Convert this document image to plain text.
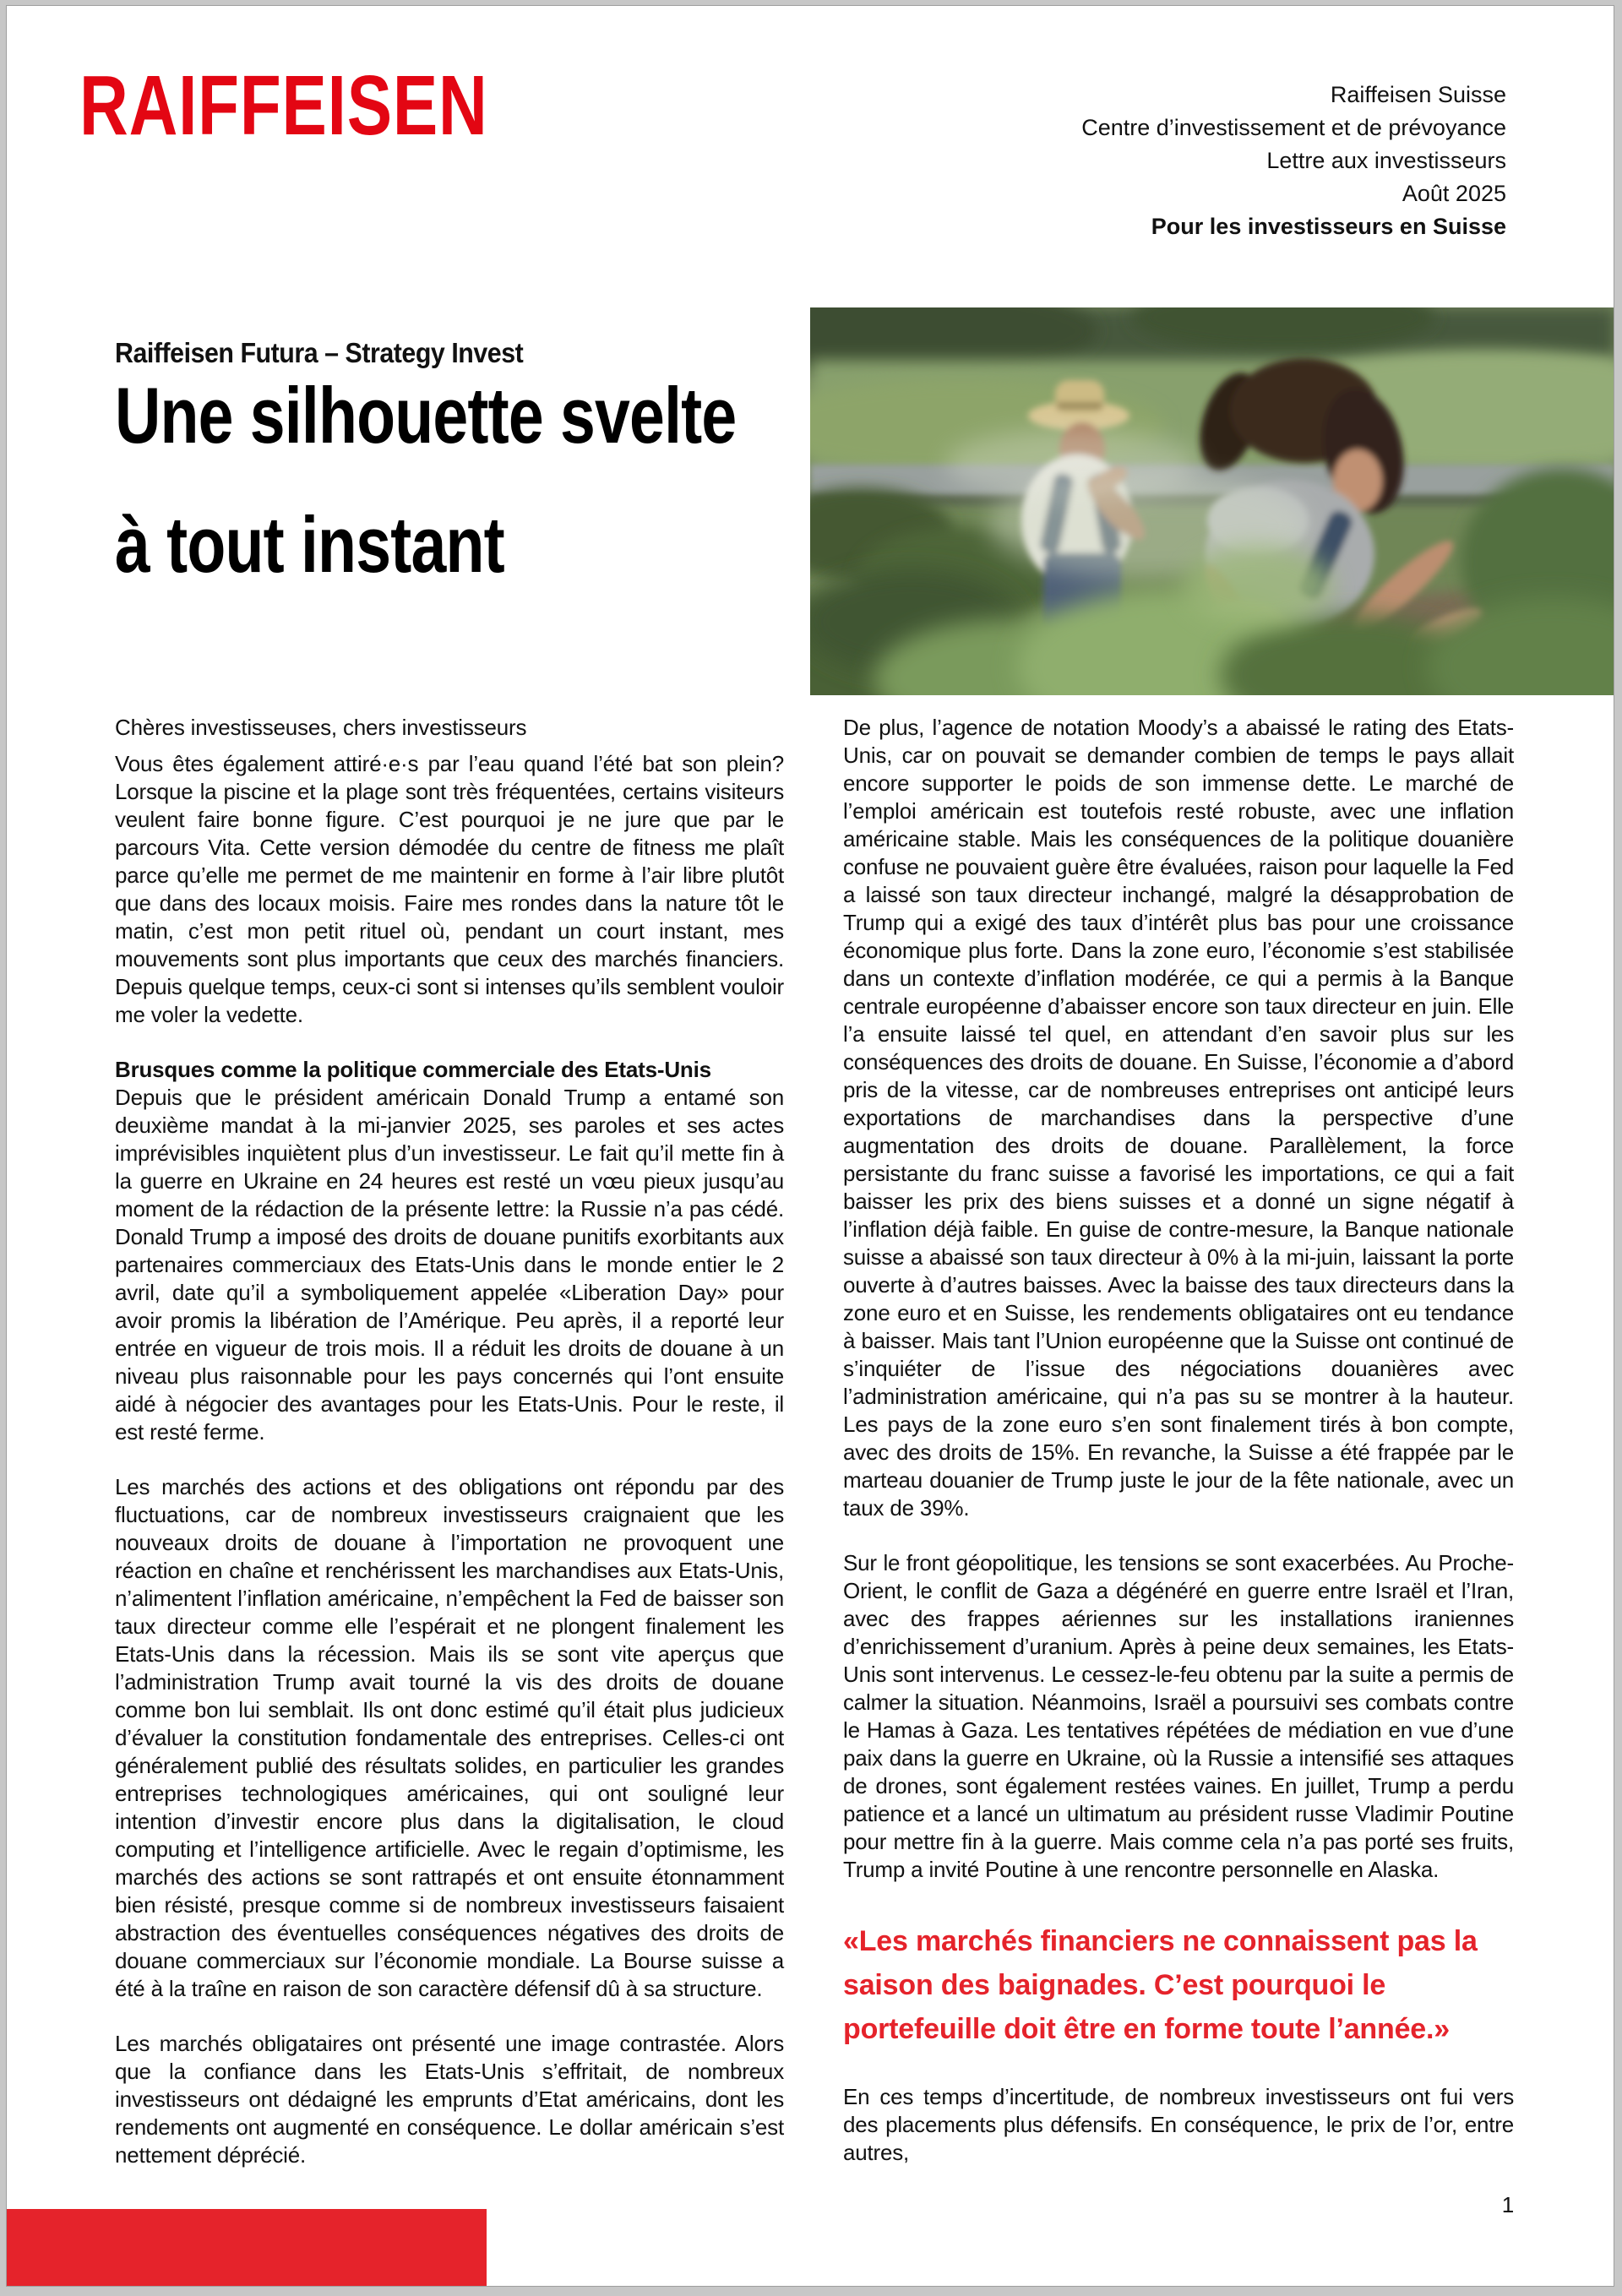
RAIFFEISEN	Raiffeisen Suisse
Centre d’investissement et de prévoyance
Lettre aux investisseurs
Août 2025
Pour les investisseurs en Suisse
Raiffeisen Futura – Strategy Invest
Une silhouette svelte
à tout instant

Chères investisseuses, chers investisseurs

Vous êtes également attiré·e·s par l’eau quand l’été bat son plein? Lorsque la piscine et la plage sont très fréquentées, certains visiteurs veulent faire bonne figure. C’est pourquoi je ne jure que par le parcours Vita. Cette version démodée du centre de fitness me plaît parce qu’elle me permet de me maintenir en forme à l’air libre plutôt que dans des locaux moisis. Faire mes rondes dans la nature tôt le matin, c’est mon petit rituel où, pendant un court instant, mes mouvements sont plus importants que ceux des marchés financiers. Depuis quelque temps, ceux-ci sont si intenses qu’ils semblent vouloir me voler la vedette.

Brusques comme la politique commerciale des Etats-Unis

Depuis que le président américain Donald Trump a entamé son deuxième mandat à la mi-janvier 2025, ses paroles et ses actes imprévisibles inquiètent plus d’un investisseur. Le fait qu’il mette fin à la guerre en Ukraine en 24 heures est resté un vœu pieux jusqu’au moment de la rédaction de la présente lettre: la Russie n’a pas cédé. Donald Trump a imposé des droits de douane punitifs exorbitants aux partenaires commerciaux des Etats-Unis dans le monde entier le 2 avril, date qu’il a symboliquement appelée «Liberation Day» pour avoir promis la libération de l’Amérique. Peu après, il a reporté leur entrée en vigueur de trois mois. Il a réduit les droits de douane à un niveau plus raisonnable pour les pays concernés qui l’ont ensuite aidé à négocier des avantages pour les Etats-Unis. Pour le reste, il est resté ferme.

Les marchés des actions et des obligations ont répondu par des fluctuations, car de nombreux investisseurs craignaient que les nouveaux droits de douane à l’importation ne provoquent une réaction en chaîne et renchérissent les marchandises aux Etats-Unis, n’alimentent l’inflation américaine, n’empêchent la Fed de baisser son taux directeur comme elle l’espérait et ne plongent finalement les Etats-Unis dans la récession. Mais ils se sont vite aperçus que l’administration Trump avait tourné la vis des droits de douane comme bon lui semblait. Ils ont donc estimé qu’il était plus judicieux d’évaluer la constitution fondamentale des entreprises. Celles-ci ont généralement publié des résultats solides, en particulier les grandes entreprises technologiques américaines, qui ont souligné leur intention d’investir encore plus dans la digitalisation, le cloud computing et l’intelligence artificielle. Avec le regain d’optimisme, les marchés des actions se sont rattrapés et ont ensuite étonnamment bien résisté, presque comme si de nombreux investisseurs faisaient abstraction des éventuelles conséquences négatives des droits de douane commerciaux sur l’économie mondiale. La Bourse suisse a été à la traîne en raison de son caractère défensif dû à sa structure.

Les marchés obligataires ont présenté une image contrastée. Alors que la confiance dans les Etats-Unis s’effritait, de nombreux investisseurs ont dédaigné les emprunts d’Etat américains, dont les rendements ont augmenté en conséquence. Le dollar américain s’est nettement déprécié.

De plus, l’agence de notation Moody’s a abaissé le rating des Etats-Unis, car on pouvait se demander combien de temps le pays allait encore supporter le poids de son immense dette. Le marché de l’emploi américain est toutefois resté robuste, avec une inflation américaine stable. Mais les conséquences de la politique douanière confuse ne pouvaient guère être évaluées, raison pour laquelle la Fed a laissé son taux directeur inchangé, malgré la désapprobation de Trump qui a exigé des taux d’intérêt plus bas pour une croissance économique plus forte. Dans la zone euro, l’économie s’est stabilisée dans un contexte d’inflation modérée, ce qui a permis à la Banque centrale européenne d’abaisser encore son taux directeur en juin. Elle l’a ensuite laissé tel quel, en attendant d’en savoir plus sur les conséquences des droits de douane. En Suisse, l’économie a d’abord pris de la vitesse, car de nombreuses entreprises ont anticipé leurs exportations de marchandises dans la perspective d’une augmentation des droits de douane. Parallèlement, la force persistante du franc suisse a favorisé les importations, ce qui a fait baisser les prix des biens suisses et a donné un signe négatif à l’inflation déjà faible. En guise de contre-mesure, la Banque nationale suisse a abaissé son taux directeur à 0% à la mi-juin, laissant la porte ouverte à d’autres baisses. Avec la baisse des taux directeurs dans la zone euro et en Suisse, les rendements obligataires ont eu tendance à baisser. Mais tant l’Union européenne que la Suisse ont continué de s’inquiéter de l’issue des négociations douanières avec l’administration américaine, qui n’a pas su se montrer à la hauteur. Les pays de la zone euro s’en sont finalement tirés à bon compte, avec des droits de 15%. En revanche, la Suisse a été frappée par le marteau douanier de Trump juste le jour de la fête nationale, avec un taux de 39%.

Sur le front géopolitique, les tensions se sont exacerbées. Au Proche-Orient, le conflit de Gaza a dégénéré en guerre entre Israël et l’Iran, avec des frappes aériennes sur les installations iraniennes d’enrichissement d’uranium. Après à peine deux semaines, les Etats-Unis sont intervenus. Le cessez-le-feu obtenu par la suite a permis de calmer la situation. Néanmoins, Israël a poursuivi ses combats contre le Hamas à Gaza. Les tentatives répétées de médiation en vue d’une paix dans la guerre en Ukraine, où la Russie a intensifié ses attaques de drones, sont également restées vaines. En juillet, Trump a perdu patience et a lancé un ultimatum au président russe Vladimir Poutine pour mettre fin à la guerre. Mais comme cela n’a pas porté ses fruits, Trump a invité Poutine à une rencontre personnelle en Alaska.

«Les marchés financiers ne connaissent pas la saison des baignades. C’est pourquoi le portefeuille doit être en forme toute l’année.»

En ces temps d’incertitude, de nombreux investisseurs ont fui vers des placements plus défensifs. En conséquence, le prix de l’or, entre autres,

1
